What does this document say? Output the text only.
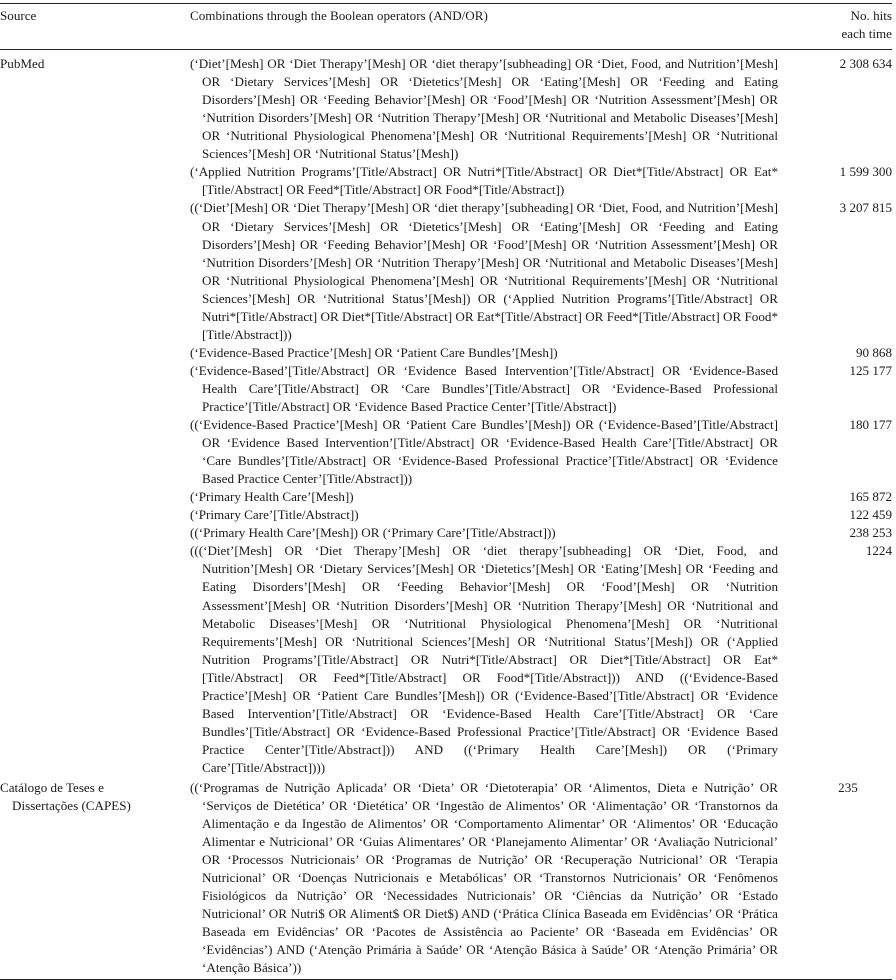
Source	Combinations through the Boolean operators (AND/OR)	No. hits
each time
PubMed	(‘Diet’[Mesh] OR ‘Diet Therapy’[Mesh] OR ‘diet therapy’[subheading] OR ‘Diet, Food, and Nutrition’[Mesh] OR ‘Dietary Services’[Mesh] OR ‘Dietetics’[Mesh] OR ‘Eating’[Mesh] OR ‘Feeding and Eating Disorders’[Mesh] OR ‘Feeding Behavior’[Mesh] OR ‘Food’[Mesh] OR ‘Nutrition Assessment’[Mesh] OR ‘Nutrition Disorders’[Mesh] OR ‘Nutrition Therapy’[Mesh] OR ‘Nutritional and Metabolic Diseases’[Mesh] OR ‘Nutritional Physiological Phenomena’[Mesh] OR ‘Nutritional Requirements’[Mesh] OR ‘Nutritional Sciences’[Mesh] OR ‘Nutritional Status’[Mesh])	2 308 634

	(‘Applied Nutrition Programs’[Title/Abstract] OR Nutri*[Title/Abstract] OR Diet*[Title/Abstract] OR Eat*[Title/Abstract] OR Feed*[Title/Abstract] OR Food*[Title/Abstract])	1 599 300

	((‘Diet’[Mesh] OR ‘Diet Therapy’[Mesh] OR ‘diet therapy’[subheading] OR ‘Diet, Food, and Nutrition’[Mesh] OR ‘Dietary Services’[Mesh] OR ‘Dietetics’[Mesh] OR ‘Eating’[Mesh] OR ‘Feeding and Eating Disorders’[Mesh] OR ‘Feeding Behavior’[Mesh] OR ‘Food’[Mesh] OR ‘Nutrition Assessment’[Mesh] OR ‘Nutrition Disorders’[Mesh] OR ‘Nutrition Therapy’[Mesh] OR ‘Nutritional and Metabolic Diseases’[Mesh] OR ‘Nutritional Physiological Phenomena’[Mesh] OR ‘Nutritional Requirements’[Mesh] OR ‘Nutritional Sciences’[Mesh] OR ‘Nutritional Status’[Mesh]) OR (‘Applied Nutrition Programs’[Title/Abstract] OR Nutri*[Title/Abstract] OR Diet*[Title/Abstract] OR Eat*[Title/Abstract] OR Feed*[Title/Abstract] OR Food*[Title/Abstract]))	3 207 815

	(‘Evidence-Based Practice’[Mesh] OR ‘Patient Care Bundles’[Mesh])	90 868

	(‘Evidence-Based’[Title/Abstract] OR ‘Evidence Based Intervention’[Title/Abstract] OR ‘Evidence-Based Health Care’[Title/Abstract] OR ‘Care Bundles’[Title/Abstract] OR ‘Evidence-Based Professional Practice’[Title/Abstract] OR ‘Evidence Based Practice Center’[Title/Abstract])	125 177

	((‘Evidence-Based Practice’[Mesh] OR ‘Patient Care Bundles’[Mesh]) OR (‘Evidence-Based’[Title/Abstract] OR ‘Evidence Based Intervention’[Title/Abstract] OR ‘Evidence-Based Health Care’[Title/Abstract] OR ‘Care Bundles’[Title/Abstract] OR ‘Evidence-Based Professional Practice’[Title/Abstract] OR ‘Evidence Based Practice Center’[Title/Abstract]))	180 177

	(‘Primary Health Care’[Mesh])	165 872

	(‘Primary Care’[Title/Abstract])	122 459

	((‘Primary Health Care’[Mesh]) OR (‘Primary Care’[Title/Abstract]))	238 253

	(((‘Diet’[Mesh] OR ‘Diet Therapy’[Mesh] OR ‘diet therapy’[subheading] OR ‘Diet, Food, and Nutrition’[Mesh] OR ‘Dietary Services’[Mesh] OR ‘Dietetics’[Mesh] OR ‘Eating’[Mesh] OR ‘Feeding and Eating Disorders’[Mesh] OR ‘Feeding Behavior’[Mesh] OR ‘Food’[Mesh] OR ‘Nutrition Assessment’[Mesh] OR ‘Nutrition Disorders’[Mesh] OR ‘Nutrition Therapy’[Mesh] OR ‘Nutritional and Metabolic Diseases’[Mesh] OR ‘Nutritional Physiological Phenomena’[Mesh] OR ‘Nutritional Requirements’[Mesh] OR ‘Nutritional Sciences’[Mesh] OR ‘Nutritional Status’[Mesh]) OR (‘Applied Nutrition Programs’[Title/Abstract] OR Nutri*[Title/Abstract] OR Diet*[Title/Abstract] OR Eat*[Title/Abstract] OR Feed*[Title/Abstract] OR Food*[Title/Abstract])) AND ((‘Evidence-Based Practice’[Mesh] OR ‘Patient Care Bundles’[Mesh]) OR (‘Evidence-Based’[Title/Abstract] OR ‘Evidence Based Intervention’[Title/Abstract] OR ‘Evidence-Based Health Care’[Title/Abstract] OR ‘Care Bundles’[Title/Abstract] OR ‘Evidence-Based Professional Practice’[Title/Abstract] OR ‘Evidence Based Practice Center’[Title/Abstract])) AND ((‘Primary Health Care’[Mesh]) OR (‘Primary Care’[Title/Abstract])))	1224

Catálogo de Teses e
Dissertações (CAPES)	((‘Programas de Nutrição Aplicada’ OR ‘Dieta’ OR ‘Dietoterapia’ OR ‘Alimentos, Dieta e Nutrição’ OR ‘Serviços de Dietética’ OR ‘Dietética’ OR ‘Ingestão de Alimentos’ OR ‘Alimentação’ OR ‘Transtornos da Alimentação e da Ingestão de Alimentos’ OR ‘Comportamento Alimentar’ OR ‘Alimentos’ OR ‘Educação Alimentar e Nutricional’ OR ‘Guias Alimentares’ OR ‘Planejamento Alimentar’ OR ‘Avaliação Nutricional’ OR ‘Processos Nutricionais’ OR ‘Programas de Nutrição’ OR ‘Recuperação Nutricional’ OR ‘Terapia Nutricional’ OR ‘Doenças Nutricionais e Metabólicas’ OR ‘Transtornos Nutricionais’ OR ‘Fenômenos Fisiológicos da Nutrição’ OR ‘Necessidades Nutricionais’ OR ‘Ciências da Nutrição’ OR ‘Estado Nutricional’ OR Nutri$ OR Aliment$ OR Diet$) AND (‘Prática Clínica Baseada em Evidências’ OR ‘Prática Baseada em Evidências’ OR ‘Pacotes de Assistência ao Paciente’ OR ‘Baseada em Evidências’ OR ‘Evidências’) AND (‘Atenção Primária à Saúde’ OR ‘Atenção Básica à Saúde’ OR ‘Atenção Primária’ OR ‘Atenção Básica’))	235
